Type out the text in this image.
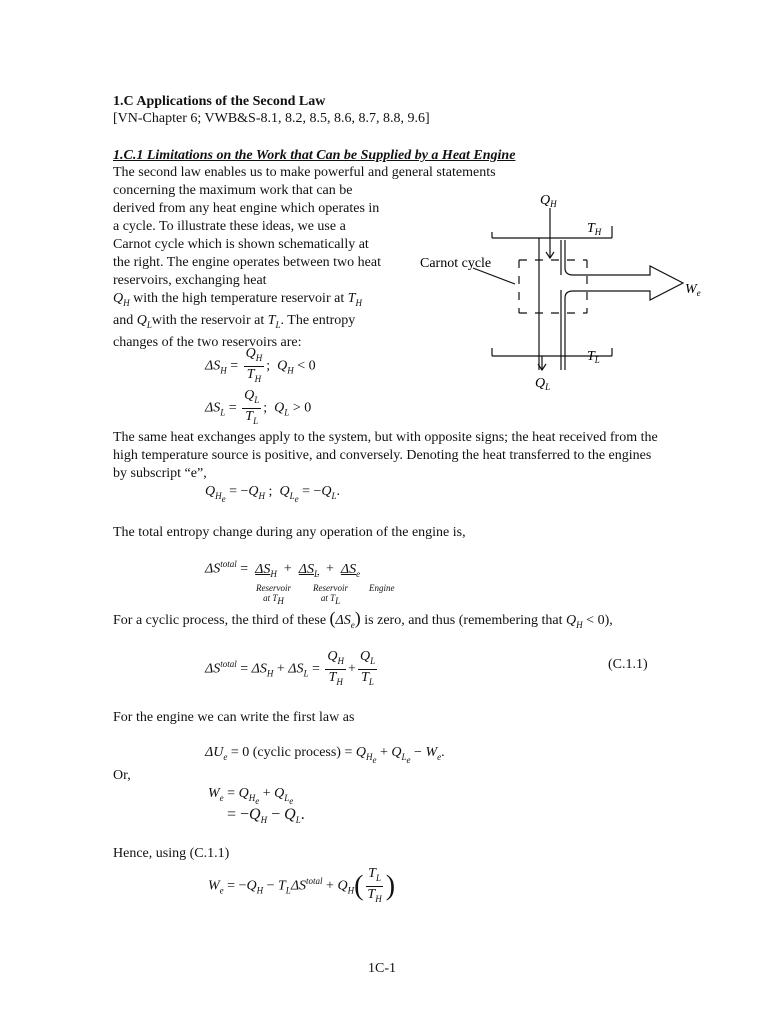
1.C Applications of the Second Law
[VN-Chapter 6; VWB&S-8.1, 8.2, 8.5, 8.6, 8.7, 8.8, 9.6]
1.C.1 Limitations on the Work that Can be Supplied by a Heat Engine
The second law enables us to make powerful and general statements
concerning the maximum work that can be
derived from any heat engine which operates in
a cycle. To illustrate these ideas, we use a
Carnot cycle which is shown schematically at
the right. The engine operates between two heat
reservoirs, exchanging heat
$Q_H$ with the high temperature reservoir at $T_H$
and $Q_Lwith$ the reservoir at $T_L$. The entropy
changes of the two reservoirs are:
$Q_H$
$T_H$
Carnot cycle
$W_e$
$T_L$
$Q_L$
$\Delta S_H = \frac{Q_H}{T_H}$ ;  $Q_H < 0$
$\Delta S_L = \frac{Q_L}{T_L}$ ;  $Q_L > 0$
The same heat exchanges apply to the system, but with opposite signs; the heat received from the
high temperature source is positive, and conversely. Denoting the heat transferred to the engines
by subscript “e”,
$Q_{H_e} = -Q_H$ ;  $Q_{L_e} = -Q_L$.
The total entropy change during any operation of the engine is,
$\Delta S^{total} = \Delta S_H + \Delta S_L + \Delta S_e$
Reservoir
at $T_H$
Reservoir
at $T_L$
Engine
For a cyclic process, the third of these $(\Delta S_e)$ is zero, and thus (remembering that $Q_H < 0$),
$\Delta S^{total} = \Delta S_H + \Delta S_L = \frac{Q_H}{T_H} + \frac{Q_L}{T_L}$	(C.1.1)
For the engine we can write the first law as
$\Delta U_e = 0$ (cyclic process) = $Q_{H_e} + Q_{L_e} - W_e$.
Or,
$W_e = Q_{H_e} + Q_{L_e}$
= $-Q_H - Q_L$.
Hence, using (C.1.1)
$W_e = -Q_H - T_L\Delta S^{total} + Q_H( \frac{T_L}{T_H}$ )
1C-1
